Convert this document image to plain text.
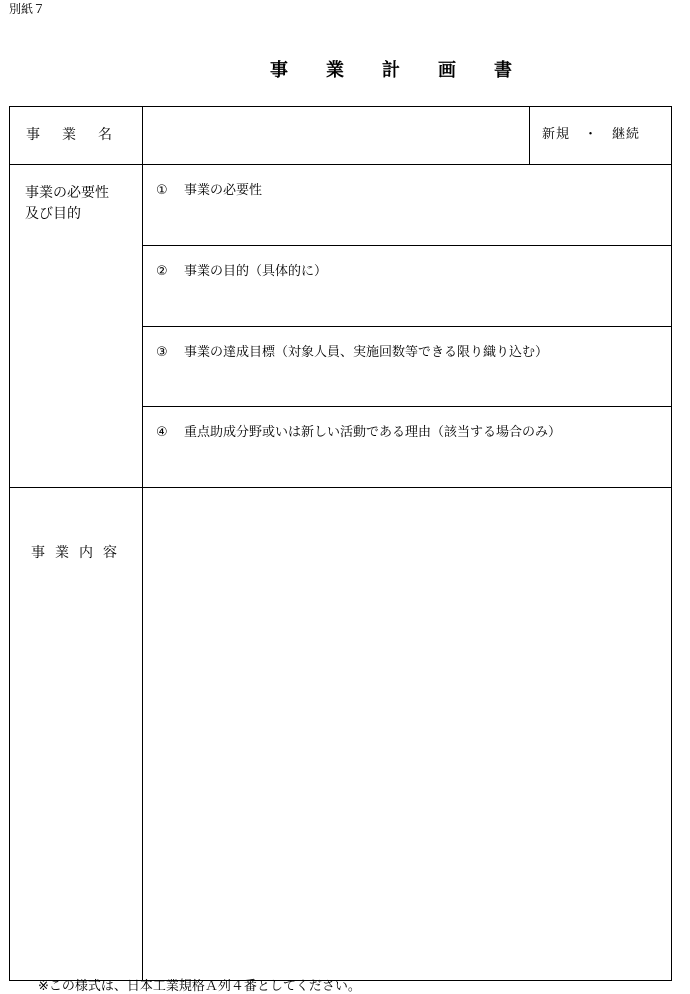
別紙７
事業計画書
事業名	新規　・　継続
事業の必要性
及び目的
① 事業の必要性
② 事業の目的（具体的に）
③ 事業の達成目標（対象人員、実施回数等できる限り織り込む）
④ 重点助成分野或いは新しい活動である理由（該当する場合のみ）
事業内容
※この様式は、日本工業規格Ａ列４番としてください。
